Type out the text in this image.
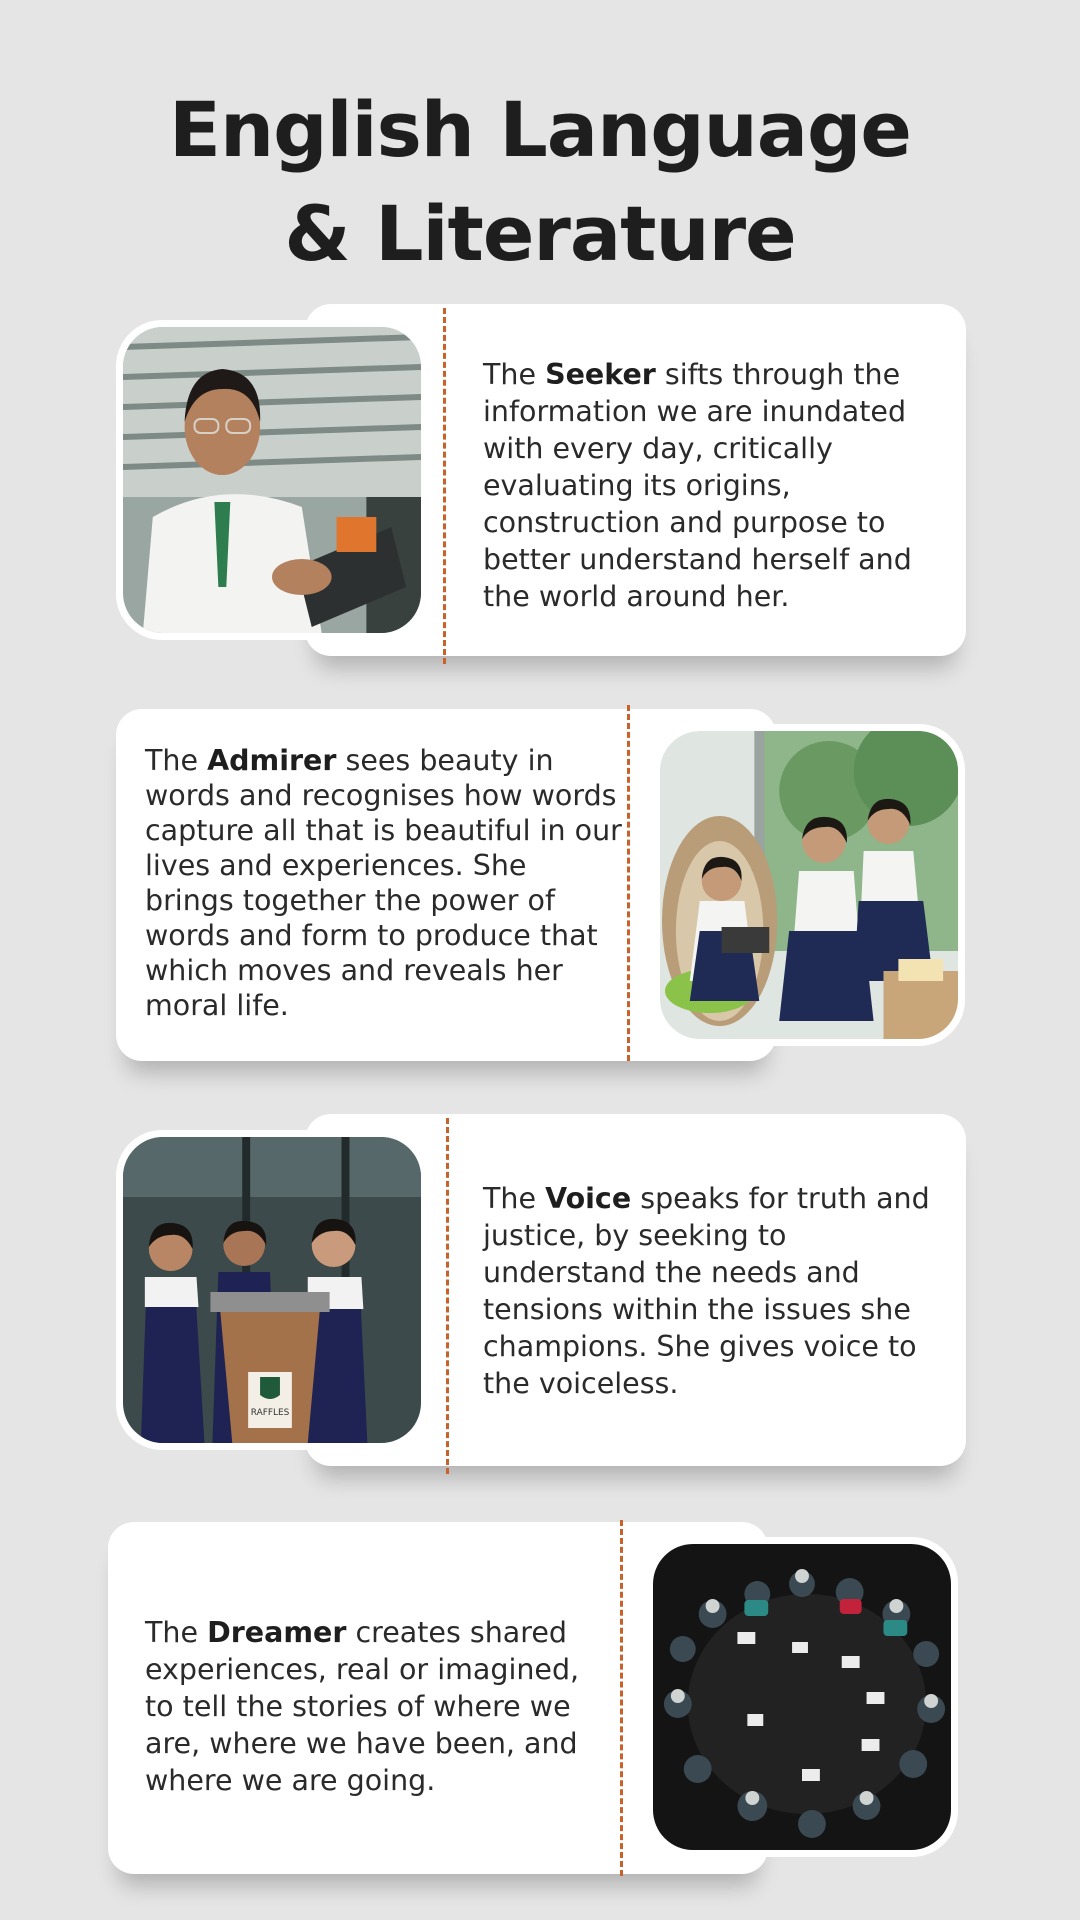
English Language
& Literature
The Seeker sifts through the information we are inundated with every day, critically evaluating its origins, construction and purpose to better understand herself and the world around her.
The Admirer sees beauty in words and recognises how words capture all that is beautiful in our lives and experiences. She brings together the power of words and form to produce that which moves and reveals her moral life.
The Voice speaks for truth and justice, by seeking to understand the needs and tensions within the issues she champions. She gives voice to the voiceless.
RAFFLES
The Dreamer creates shared experiences, real or imagined, to tell the stories of where we are, where we have been, and where we are going.
